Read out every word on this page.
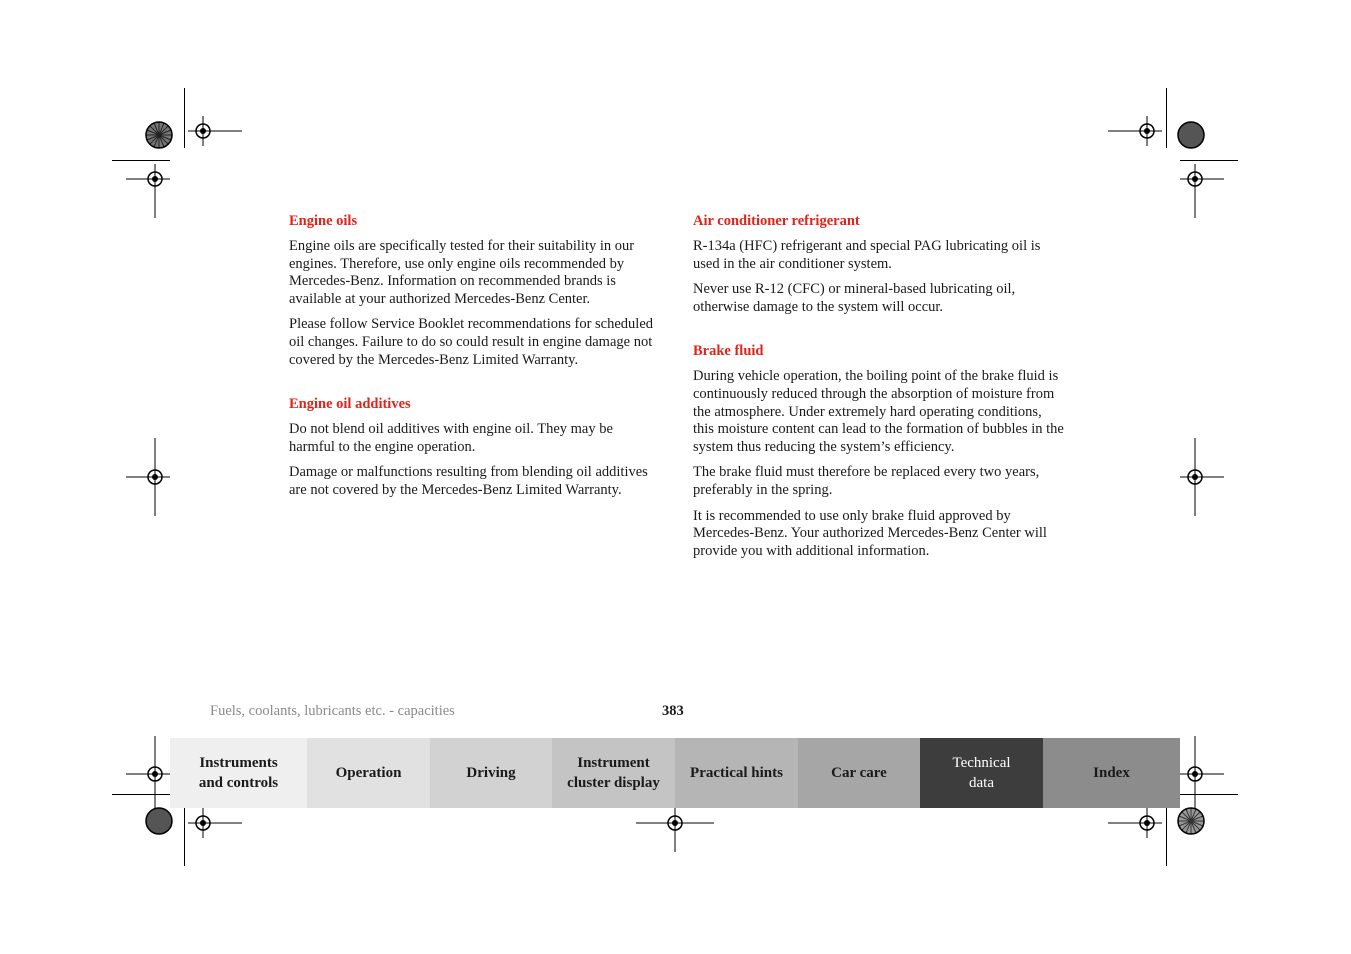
Engine oils

Engine oils are specifically tested for their suitability in our engines. Therefore, use only engine oils recommended by Mercedes-Benz. Information on recommended brands is available at your authorized Mercedes-Benz Center.

Please follow Service Booklet recommendations for scheduled oil changes. Failure to do so could result in engine damage not covered by the Mercedes-Benz Limited Warranty.

Engine oil additives

Do not blend oil additives with engine oil. They may be harmful to the engine operation.

Damage or malfunctions resulting from blending oil additives are not covered by the Mercedes-Benz Limited Warranty.

Air conditioner refrigerant

R-134a (HFC) refrigerant and special PAG lubricating oil is used in the air conditioner system.

Never use R-12 (CFC) or mineral-based lubricating oil, otherwise damage to the system will occur.

Brake fluid

During vehicle operation, the boiling point of the brake fluid is continuously reduced through the absorption of moisture from the atmosphere. Under extremely hard operating conditions, this moisture content can lead to the formation of bubbles in the system thus reducing the system’s efficiency.

The brake fluid must therefore be replaced every two years, preferably in the spring.

It is recommended to use only brake fluid approved by Mercedes-Benz. Your authorized Mercedes-Benz Center will provide you with additional information.

Fuels, coolants, lubricants etc. - capacities	383
Instruments
and controls
Operation	Driving
Instrument
cluster display
Practical hints	Car care
Technical
data
Index
